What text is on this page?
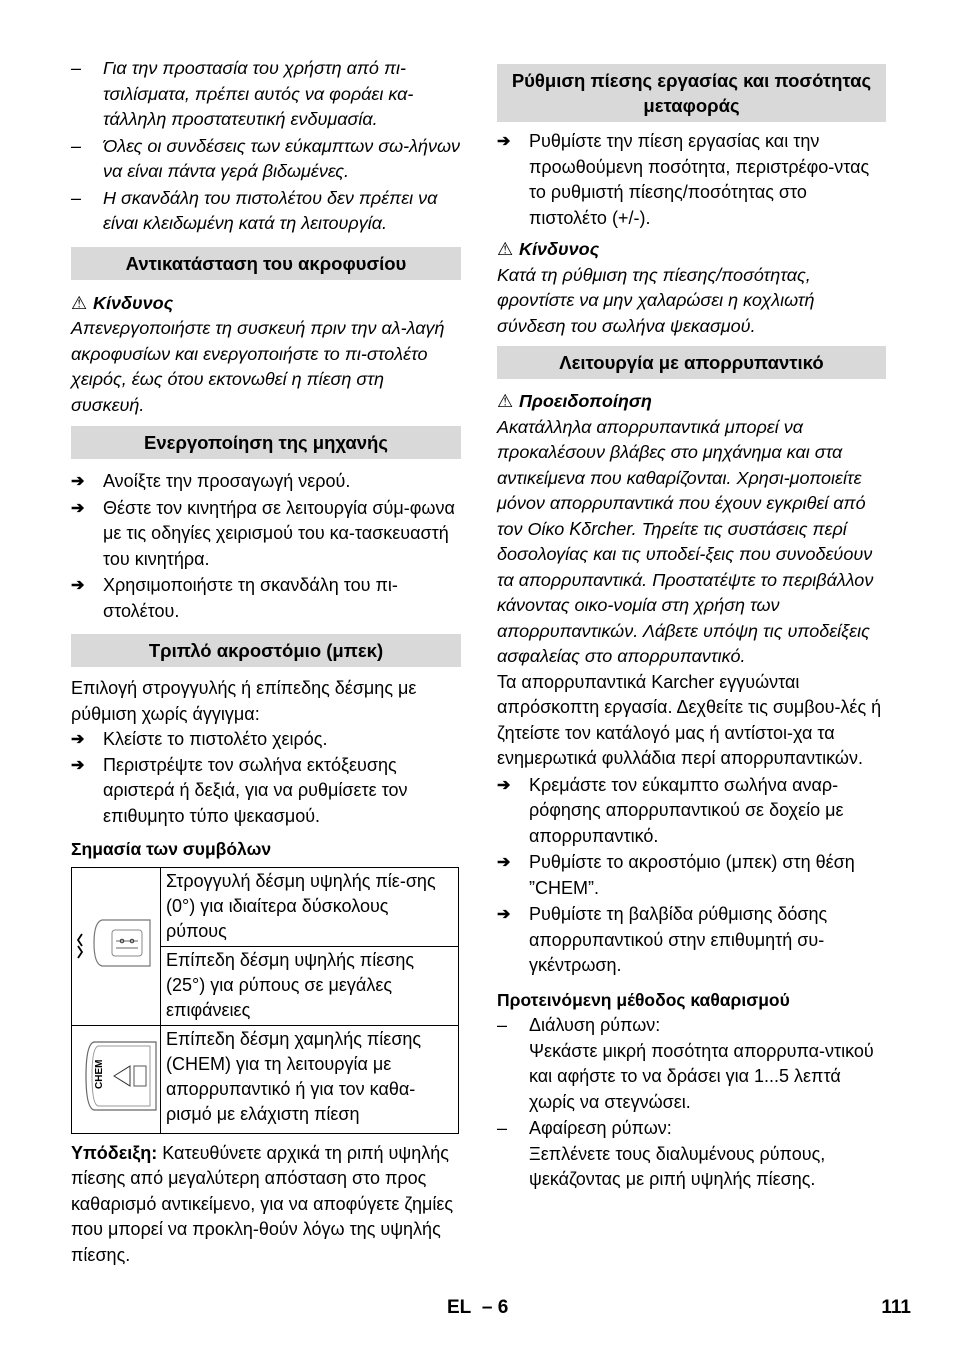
– Για την προστασία του χρήστη από πι-τσιλίσματα, πρέπει αυτός να φοράει κα-τάλληλη προστατευτική ενδυμασία.

– Όλες οι συνδέσεις των εύκαμπτων σω-λήνων να είναι πάντα γερά βιδωμένες.

– Η σκανδάλη του πιστολέτου δεν πρέπει να είναι κλειδωμένη κατά τη λειτουργία.

Αντικατάσταση του ακροφυσίου
⚠ Κίνδυνος

Απενεργοποιήστε τη συσκευή πριν την αλ-λαγή ακροφυσίων και ενεργοποιήστε το πι-στολέτο χειρός, έως ότου εκτονωθεί η πίεση στη συσκευή.

Ενεργοποίηση της μηχανής

➔ Ανοίξτε την προσαγωγή νερού.

➔ Θέστε τον κινητήρα σε λειτουργία σύμ-φωνα με τις οδηγίες χειρισμού του κα-τασκευαστή του κινητήρα.

➔ Χρησιμοποιήστε τη σκανδάλη του πι-στολέτου.

Τριπλό ακροστόμιο (μπεκ)

Επιλογή στρογγυλής ή επίπεδης δέσμης με ρύθμιση χωρίς άγγιγμα:

➔ Κλείστε το πιστολέτο χειρός.

➔ Περιστρέψτε τον σωλήνα εκτόξευσης αριστερά ή δεξιά, για να ρυθμίσετε τον επιθυμητο τύπο ψεκασμού.

Σημασία των συμβόλων
	Στρογγυλή δέσμη υψηλής πίε-σης (0°) για ιδιαίτερα δύσκολους ρύπους
	Επίπεδη δέσμη υψηλής πίεσης (25°) για ρύπους σε μεγάλες επιφάνειες

CHEM	Επίπεδη δέσμη χαμηλής πίεσης (CHEM) για τη λειτουργία με απορρυπαντικό ή για τον καθα-ρισμό με ελάχιστη πίεση

Υπόδειξη: Κατευθύνετε αρχικά τη ριπή υψηλής πίεσης από μεγαλύτερη απόσταση στο προς καθαρισμό αντικείμενο, για να αποφύγετε ζημίες που μπορεί να προκλη-θούν λόγω της υψηλής πίεσης.

Ρύθμιση πίεσης εργασίας και ποσότητας μεταφοράς

➔ Ρυθμίστε την πίεση εργασίας και την προωθούμενη ποσότητα, περιστρέφο-ντας το ρυθμιστή πίεσης/ποσότητας στο πιστολέτο (+/-).

⚠ Κίνδυνος

Κατά τη ρύθμιση της πίεσης/ποσότητας, φροντίστε να μην χαλαρώσει η κοχλιωτή σύνδεση του σωλήνα ψεκασμού.

Λειτουργία με απορρυπαντικό
⚠ Προειδοποίηση

Ακατάλληλα απορρυπαντικά μπορεί να προκαλέσουν βλάβες στο μηχάνημα και στα αντικείμενα που καθαρίζονται. Χρησι-μοποιείτε μόνον απορρυπαντικά που έχουν εγκριθεί από τον Οίκο Kδrcher. Τηρείτε τις συστάσεις περί δοσολογίας και τις υποδεί-ξεις που συνοδεύουν τα απορρυπαντικά. Προστατέψτε το περιβάλλον κάνοντας οικο-νομία στη χρήση των απορρυπαντικών. Λάβετε υπόψη τις υποδείξεις ασφαλείας στο απορρυπαντικό.

Τα απορρυπαντικά Karcher εγγυώνται απρόσκοπτη εργασία. Δεχθείτε τις συμβου-λές ή ζητείστε τον κατάλογό μας ή αντίστοι-χα τα ενημερωτικά φυλλάδια περί απορρυπαντικών.

➔ Κρεμάστε τον εύκαμπτο σωλήνα αναρ-ρόφησης απορρυπαντικού σε δοχείο με απορρυπαντικό.

➔ Ρυθμίστε το ακροστόμιο (μπεκ) στη θέση ”CHEM”.

➔ Ρυθμίστε τη βαλβίδα ρύθμισης δόσης απορρυπαντικού στην επιθυμητή συ-γκέντρωση.

Προτεινόμενη μέθοδος καθαρισμού

– Διάλυση ρύπων:

Ψεκάστε μικρή ποσότητα απορρυπα-ντικού και αφήστε το να δράσει για 1...5 λεπτά χωρίς να στεγνώσει.

– Αφαίρεση ρύπων:

Ξεπλένετε τους διαλυμένους ρύπους, ψεκάζοντας με ριπή υψηλής πίεσης.

EL – 6	111
